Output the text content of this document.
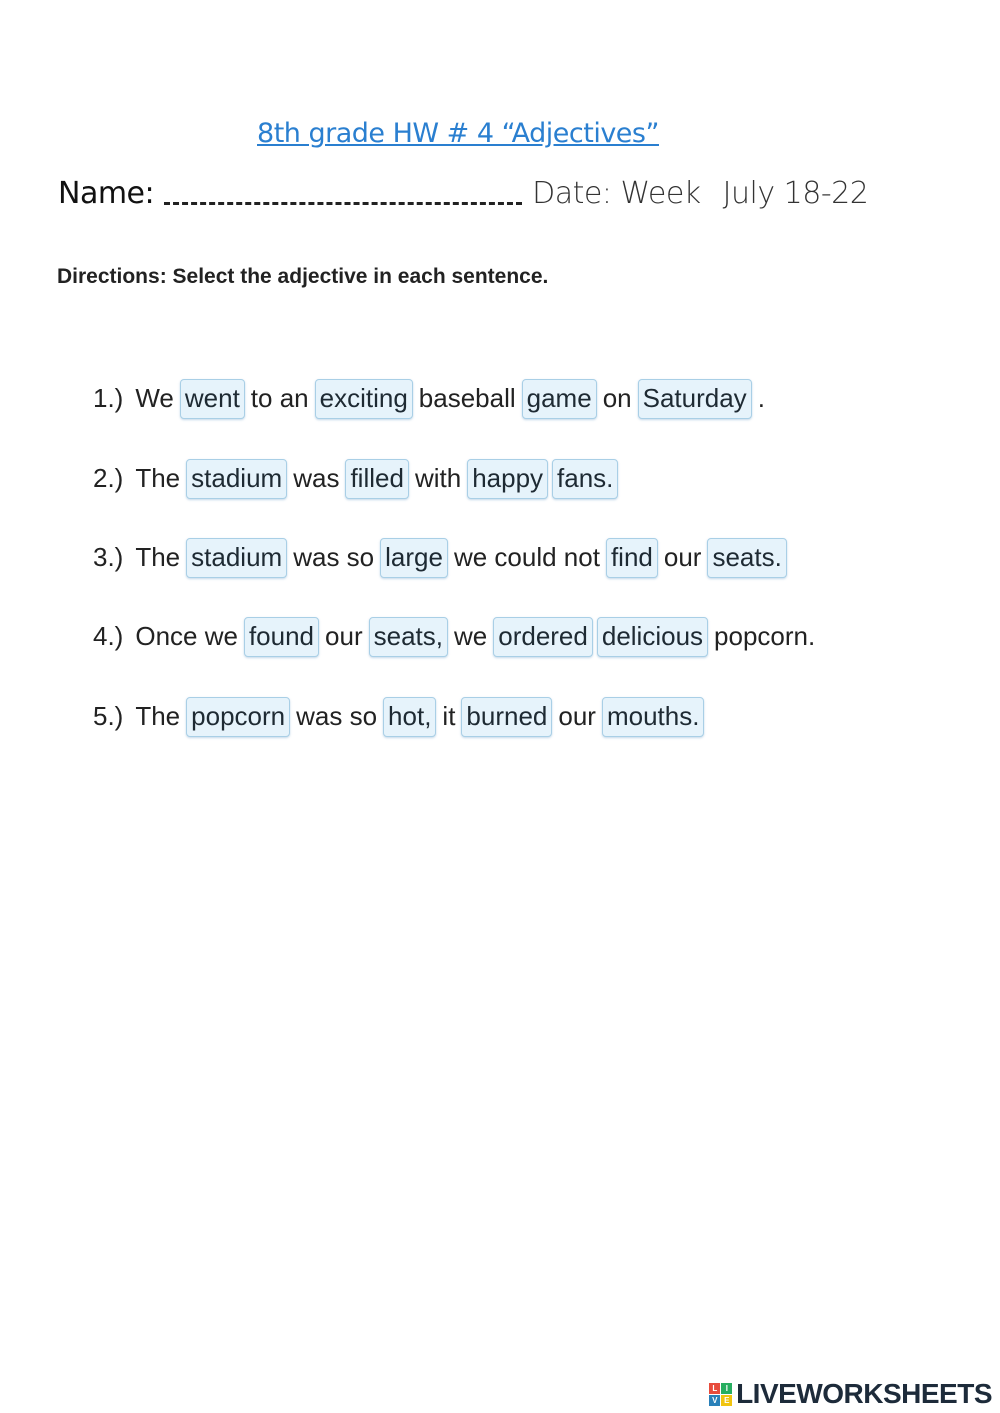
8th grade HW # 4 “Adjectives”
Name:	Date: Week July 18-22
Directions: Select the adjective in each sentence.
1.) We went to an exciting baseball game on Saturday .
2.) The stadium was filled with happy fans.
3.) The stadium was so large we could not find our seats.
4.) Once we found our seats, we ordered delicious popcorn.
5.) The popcorn was so hot, it burned our mouths.
L	I
V E LIVEWORKSHEETS
